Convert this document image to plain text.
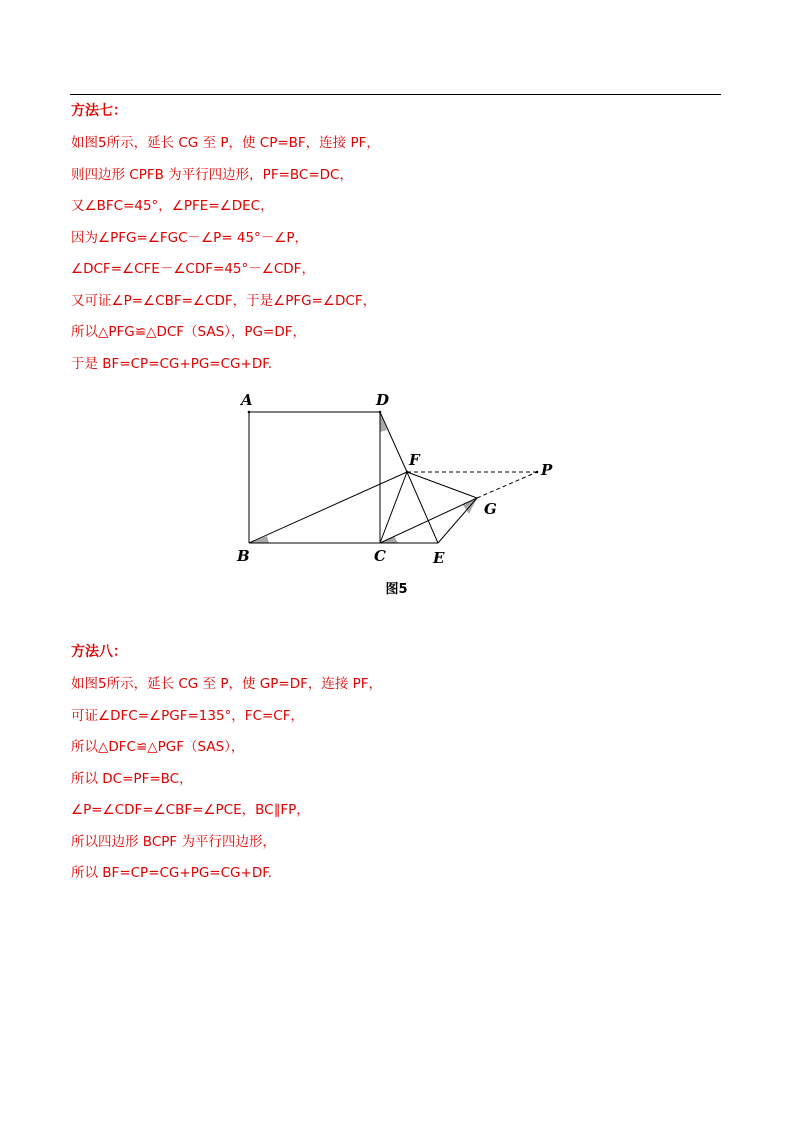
方法七：
如图5所示，延长 CG 至 P，使 CP=BF，连接 PF，
则四边形 CPFB 为平行四边形，PF=BC=DC，
又∠BFC=45°，∠PFE=∠DEC，
因为∠PFG=∠FGC－∠P= 45°－∠P，
∠DCF=∠CFE－∠CDF=45°－∠CDF，
又可证∠P=∠CBF=∠CDF，于是∠PFG=∠DCF，
所以△PFG≌△DCF（SAS），PG=DF，
于是 BF=CP=CG+PG=CG+DF.
A	D
F
P
G
B	C	E
图5
方法八：
如图5所示，延长 CG 至 P，使 GP=DF，连接 PF，
可证∠DFC=∠PGF=135°，FC=CF，
所以△DFC≌△PGF（SAS），
所以 DC=PF=BC，
∠P=∠CDF=∠CBF=∠PCE，BC∥FP，
所以四边形 BCPF 为平行四边形，
所以 BF=CP=CG+PG=CG+DF.
